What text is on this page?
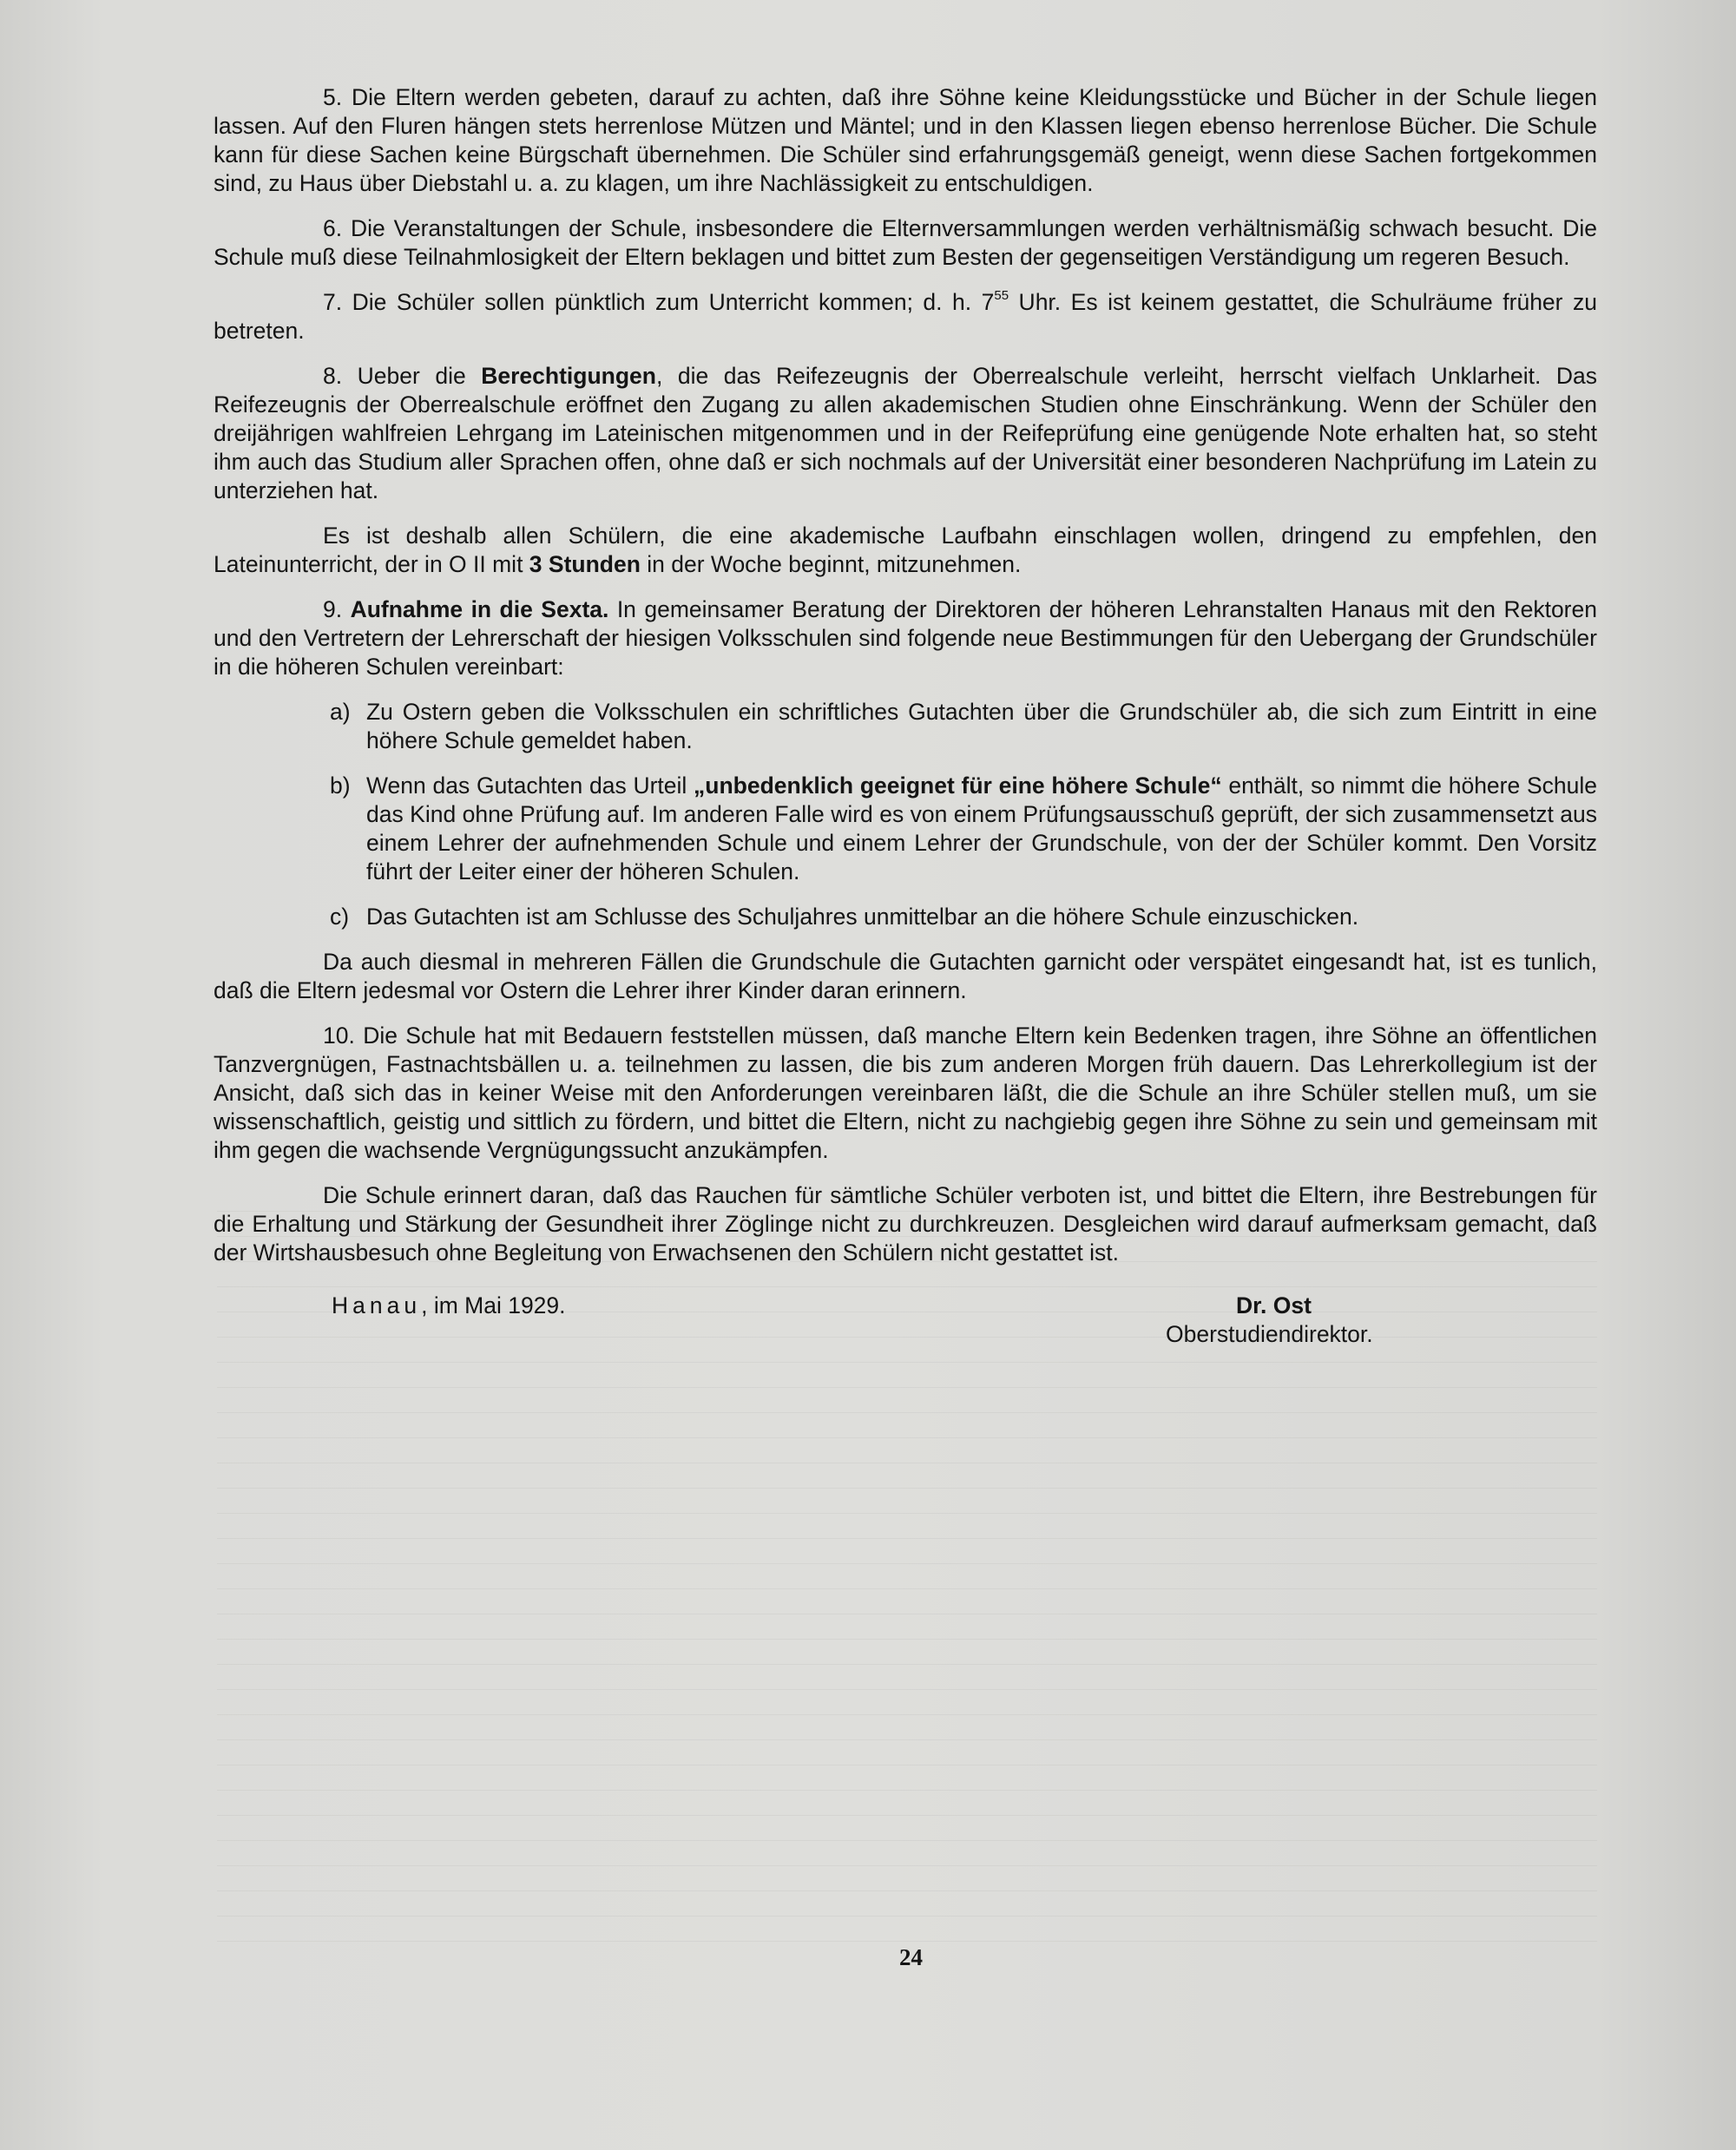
5. Die Eltern werden gebeten, darauf zu achten, daß ihre Söhne keine Kleidungsstücke und Bücher in der Schule liegen lassen. Auf den Fluren hängen stets herrenlose Mützen und Mäntel; und in den Klassen liegen ebenso herrenlose Bücher. Die Schule kann für diese Sachen keine Bürgschaft übernehmen. Die Schüler sind erfahrungsgemäß geneigt, wenn diese Sachen fortgekommen sind, zu Haus über Diebstahl u. a. zu klagen, um ihre Nachlässigkeit zu entschuldigen.

6. Die Veranstaltungen der Schule, insbesondere die Elternversammlungen werden verhältnismäßig schwach besucht. Die Schule muß diese Teilnahmlosigkeit der Eltern beklagen und bittet zum Besten der gegenseitigen Verständigung um regeren Besuch.

7. Die Schüler sollen pünktlich zum Unterricht kommen; d. h. $7^{55}$ Uhr. Es ist keinem gestattet, die Schulräume früher zu betreten.

8. Ueber die Berechtigungen, die das Reifezeugnis der Oberrealschule verleiht, herrscht vielfach Unklarheit. Das Reifezeugnis der Oberrealschule eröffnet den Zugang zu allen akademischen Studien ohne Einschränkung. Wenn der Schüler den dreijährigen wahlfreien Lehrgang im Lateinischen mitgenommen und in der Reifeprüfung eine genügende Note erhalten hat, so steht ihm auch das Studium aller Sprachen offen, ohne daß er sich nochmals auf der Universität einer besonderen Nachprüfung im Latein zu unterziehen hat.

Es ist deshalb allen Schülern, die eine akademische Laufbahn einschlagen wollen, dringend zu empfehlen, den Lateinunterricht, der in O II mit 3 Stunden in der Woche beginnt, mitzunehmen.

9. Aufnahme in die Sexta. In gemeinsamer Beratung der Direktoren der höheren Lehranstalten Hanaus mit den Rektoren und den Vertretern der Lehrerschaft der hiesigen Volksschulen sind folgende neue Bestimmungen für den Uebergang der Grundschüler in die höheren Schulen vereinbart:

a) Zu Ostern geben die Volksschulen ein schriftliches Gutachten über die Grundschüler ab, die sich zum Eintritt in eine höhere Schule gemeldet haben.
b) Wenn das Gutachten das Urteil „unbedenklich geeignet für eine höhere Schule“ enthält, so nimmt die höhere Schule das Kind ohne Prüfung auf. Im anderen Falle wird es von einem Prüfungsausschuß geprüft, der sich zusammensetzt aus einem Lehrer der aufnehmenden Schule und einem Lehrer der Grundschule, von der der Schüler kommt. Den Vorsitz führt der Leiter einer der höheren Schulen.
c) Das Gutachten ist am Schlusse des Schuljahres unmittelbar an die höhere Schule einzuschicken.

Da auch diesmal in mehreren Fällen die Grundschule die Gutachten garnicht oder verspätet eingesandt hat, ist es tunlich, daß die Eltern jedesmal vor Ostern die Lehrer ihrer Kinder daran erinnern.

10. Die Schule hat mit Bedauern feststellen müssen, daß manche Eltern kein Bedenken tragen, ihre Söhne an öffentlichen Tanzvergnügen, Fastnachtsbällen u. a. teilnehmen zu lassen, die bis zum anderen Morgen früh dauern. Das Lehrerkollegium ist der Ansicht, daß sich das in keiner Weise mit den Anforderungen vereinbaren läßt, die die Schule an ihre Schüler stellen muß, um sie wissenschaftlich, geistig und sittlich zu fördern, und bittet die Eltern, nicht zu nachgiebig gegen ihre Söhne zu sein und gemeinsam mit ihm gegen die wachsende Vergnügungssucht anzukämpfen.

Die Schule erinnert daran, daß das Rauchen für sämtliche Schüler verboten ist, und bittet die Eltern, ihre Bestrebungen für die Erhaltung und Stärkung der Gesundheit ihrer Zöglinge nicht zu durchkreuzen. Desgleichen wird darauf aufmerksam gemacht, daß der Wirtshausbesuch ohne Begleitung von Erwachsenen den Schülern nicht gestattet ist.

Hanau, im Mai 1929.	Dr. Ost
Oberstudiendirektor.
24
